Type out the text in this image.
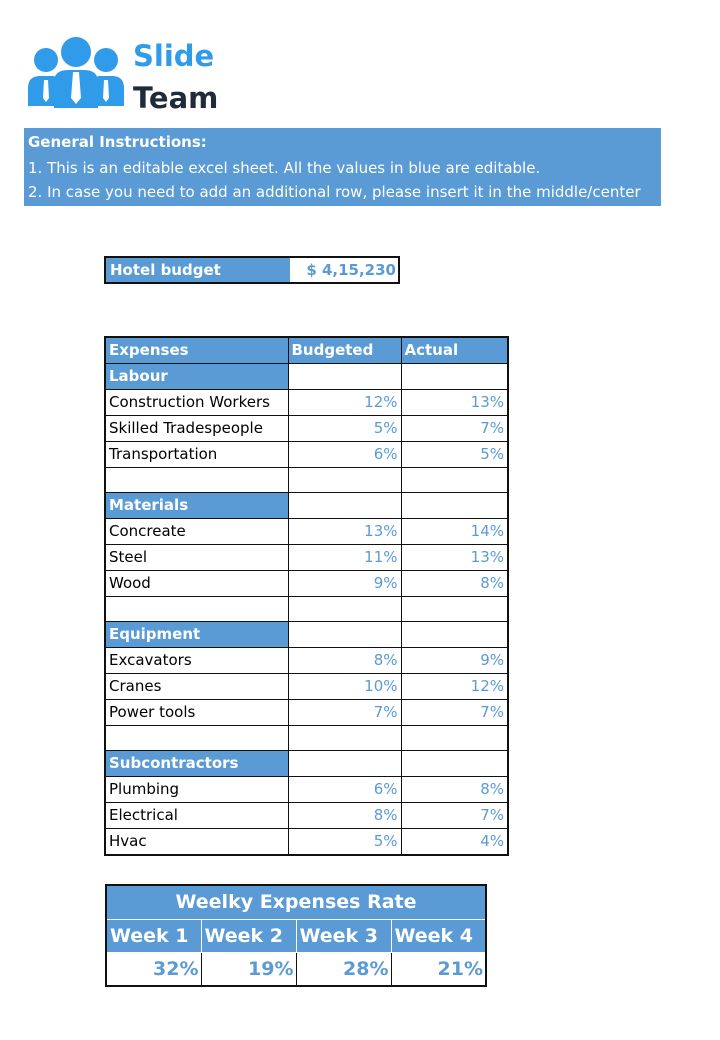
Slide
Team
General Instructions:
1. This is an editable excel sheet. All the values in blue are editable.
2. In case you need to add an additional row, please insert it in the middle/center
Hotel budget	$ 4,15,230
Expenses	Budgeted	Actual
Labour		
Construction Workers	12%	13%
Skilled Tradespeople	5%	7%
Transportation	6%	5%

Materials		
Concreate	13%	14%
Steel	11%	13%
Wood	9%	8%

Equipment		
Excavators	8%	9%
Cranes	10%	12%
Power tools	7%	7%

Subcontractors		
Plumbing	6%	8%
Electrical	8%	7%
Hvac	5%	4%
Weelky Expenses Rate			
Week 1	Week 2	Week 3	Week 4
32%	19%	28%	21%
